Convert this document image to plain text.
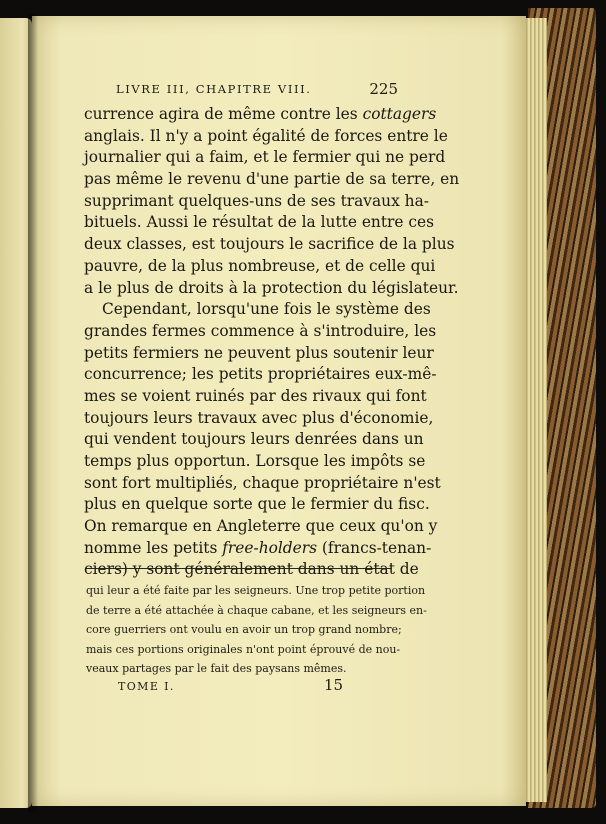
LIVRE III, CHAPITRE VIII.	225
currence agira de même contre les cottagers
anglais. Il n'y a point égalité de forces entre le
journalier qui a faim, et le fermier qui ne perd
pas même le revenu d'une partie de sa terre, en
supprimant quelques-uns de ses travaux ha-
bituels. Aussi le résultat de la lutte entre ces
deux classes, est toujours le sacrifice de la plus
pauvre, de la plus nombreuse, et de celle qui
a le plus de droits à la protection du législateur.
Cependant, lorsqu'une fois le système des
grandes fermes commence à s'introduire, les
petits fermiers ne peuvent plus soutenir leur
concurrence; les petits propriétaires eux-mê-
mes se voient ruinés par des rivaux qui font
toujours leurs travaux avec plus d'économie,
qui vendent toujours leurs denrées dans un
temps plus opportun. Lorsque les impôts se
sont fort multipliés, chaque propriétaire n'est
plus en quelque sorte que le fermier du fisc.
On remarque en Angleterre que ceux qu'on y
nomme les petits free-holders (francs-tenan-
ciers) y sont généralement dans un état de
qui leur a été faite par les seigneurs. Une trop petite portion
de terre a été attachée à chaque cabane, et les seigneurs en-
core guerriers ont voulu en avoir un trop grand nombre;
mais ces portions originales n'ont point éprouvé de nou-
veaux partages par le fait des paysans mêmes.
TOME I.	15
